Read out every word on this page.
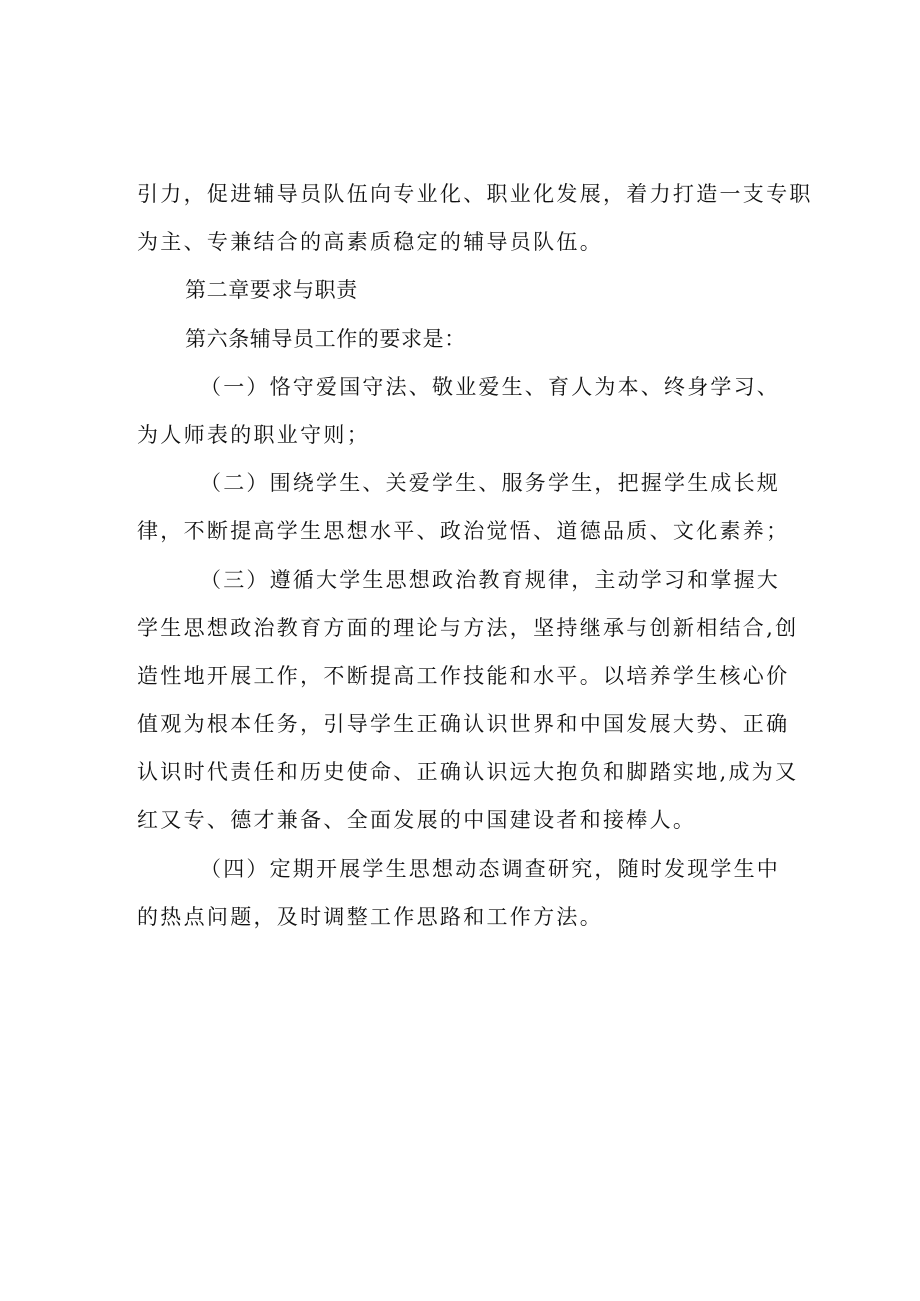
引力，促进辅导员队伍向专业化、职业化发展，着力打造一支专职
为主、专兼结合的高素质稳定的辅导员队伍。
第二章要求与职责
第六条辅导员工作的要求是：
（一）恪守爱国守法、敬业爱生、育人为本、终身学习、
为人师表的职业守则；
（二）围绕学生、关爱学生、服务学生，把握学生成长规
律，不断提高学生思想水平、政治觉悟、道德品质、文化素养；
（三）遵循大学生思想政治教育规律，主动学习和掌握大
学生思想政治教育方面的理论与方法，坚持继承与创新相结合,创
造性地开展工作，不断提高工作技能和水平。以培养学生核心价
值观为根本任务，引导学生正确认识世界和中国发展大势、正确
认识时代责任和历史使命、正确认识远大抱负和脚踏实地,成为又
红又专、德才兼备、全面发展的中国建设者和接棒人。
（四）定期开展学生思想动态调查研究，随时发现学生中
的热点问题，及时调整工作思路和工作方法。
